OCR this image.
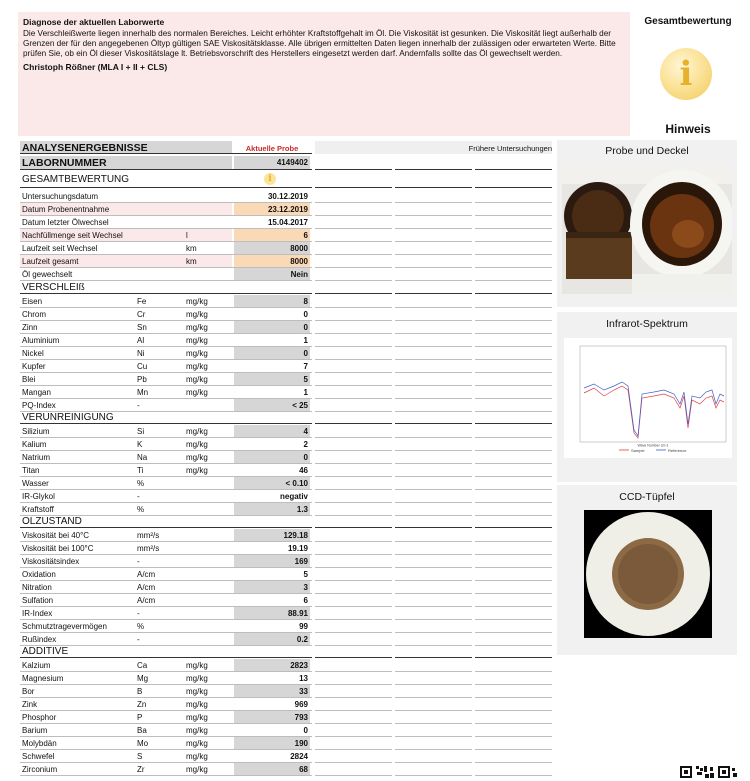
Diagnose der aktuellen Laborwerte
Die Verschleißwerte liegen innerhalb des normalen Bereiches. Leicht erhöhter Kraftstoffgehalt im Öl. Die Viskosität ist gesunken. Die Viskosität liegt außerhalb der Grenzen der für den angegebenen Öltyp gültigen SAE Viskositätsklasse. Alle übrigen ermittelten Daten liegen innerhalb der zulässigen oder erwarteten Werte. Bitte prüfen Sie, ob ein Öl dieser Viskositätslage lt. Betriebsvorschrift des Herstellers eingesetzt werden darf. Andernfalls sollte das Öl gewechselt werden.
Christoph Rößner (MLA I + II + CLS)
Gesamtbewertung
i
Hinweis
ANALYSENERGEBNISSE	Aktuelle Probe	Frühere Untersuchungen
LABORNUMMER	4149402
GESAMTBEWERTUNG	i
Untersuchungsdatum	30.12.2019
Datum Probenentnahme	23.12.2019
Datum letzter Ölwechsel	15.04.2017
Nachfüllmenge seit Wechsel	l	6
Laufzeit seit Wechsel	km	8000
Laufzeit gesamt	km	8000
Öl gewechselt	Nein
VERSCHLEIß
Eisen	Fe	mg/kg	8
Chrom	Cr	mg/kg	0
Zinn	Sn	mg/kg	0
Aluminium	Al	mg/kg	1
Nickel	Ni	mg/kg	0
Kupfer	Cu	mg/kg	7
Blei	Pb	mg/kg	5
Mangan	Mn	mg/kg	1
PQ-Index	-	< 25
VERUNREINIGUNG
Silizium	Si	mg/kg	4
Kalium	K	mg/kg	2
Natrium	Na	mg/kg	0
Titan	Ti	mg/kg	46
Wasser	%	< 0.10
IR-Glykol	-	negativ
Kraftstoff	%	1.3
ÖLZUSTAND
Viskosität bei 40°C	mm²/s	129.18
Viskosität bei 100°C	mm²/s	19.19
Viskositätsindex	-	169
Oxidation	A/cm	5
Nitration	A/cm	3
Sulfation	A/cm	6
IR-Index	-	88.91
Schmutztragevermögen	%	99
Rußindex	-	0.2
ADDITIVE
Kalzium	Ca	mg/kg	2823
Magnesium	Mg	mg/kg	13
Bor	B	mg/kg	33
Zink	Zn	mg/kg	969
Phosphor	P	mg/kg	793
Barium	Ba	mg/kg	0
Molybdän	Mo	mg/kg	190
Schwefel	S	mg/kg	2824
Zirconium	Zr	mg/kg	68
Probe und Deckel
Infrarot-Spektrum
Sample	Reference
Wave Number cm-1
CCD-Tüpfel
